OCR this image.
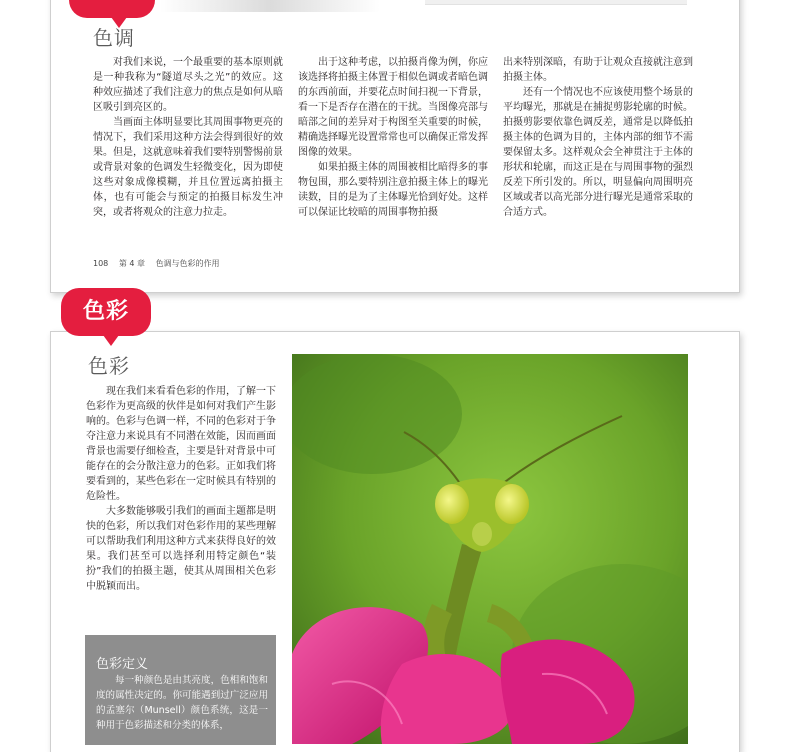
色调

对我们来说，一个最重要的基本原则就是一种我称为“隧道尽头之光”的效应。这种效应描述了我们注意力的焦点是如何从暗区吸引到亮区的。

当画面主体明显要比其周围事物更亮的情况下，我们采用这种方法会得到很好的效果。但是，这就意味着我们要特别警惕前景或背景对象的色调发生轻微变化，因为即使这些对象成像模糊，并且位置远离拍摄主体，也有可能会与预定的拍摄目标发生冲突，或者将观众的注意力拉走。

出于这种考虑，以拍摄肖像为例，你应该选择将拍摄主体置于相似色调或者暗色调的东西前面，并要花点时间扫视一下背景，看一下是否存在潜在的干扰。当图像亮部与暗部之间的差异对于构图至关重要的时候，精确选择曝光设置常常也可以确保正常发挥图像的效果。

如果拍摄主体的周围被相比暗得多的事物包围，那么要特别注意拍摄主体上的曝光读数，目的是为了主体曝光恰到好处。这样可以保证比较暗的周围事物拍摄

出来特别深暗，有助于让观众直接就注意到拍摄主体。

还有一个情况也不应该使用整个场景的平均曝光，那就是在捕捉剪影轮廓的时候。拍摄剪影要依靠色调反差，通常是以降低拍摄主体的色调为目的，主体内部的细节不需要保留太多。这样观众会全神贯注于主体的形状和轮廓，而这正是在与周围事物的强烈反差下所引发的。所以，明显偏向周围明亮区域或者以高光部分进行曝光是通常采取的合适方式。

108 第 4 章 色调与色彩的作用
色彩
色彩

现在我们来看看色彩的作用，了解一下色彩作为更高级的伙伴是如何对我们产生影响的。色彩与色调一样，不同的色彩对于争夺注意力来说具有不同潜在效能，因而画面背景也需要仔细检查，主要是针对背景中可能存在的会分散注意力的色彩。正如我们将要看到的，某些色彩在一定时候具有特别的危险性。

大多数能够吸引我们的画面主题都是明快的色彩，所以我们对色彩作用的某些理解可以帮助我们利用这种方式来获得良好的效果。我们甚至可以选择利用特定颜色“装扮”我们的拍摄主题，使其从周围相关色彩中脱颖而出。

色彩定义
每一种颜色是由其亮度，色相和饱和度的属性决定的。你可能遇到过广泛应用的孟塞尔（Munsell）颜色系统，这是一种用于色彩描述和分类的体系，
